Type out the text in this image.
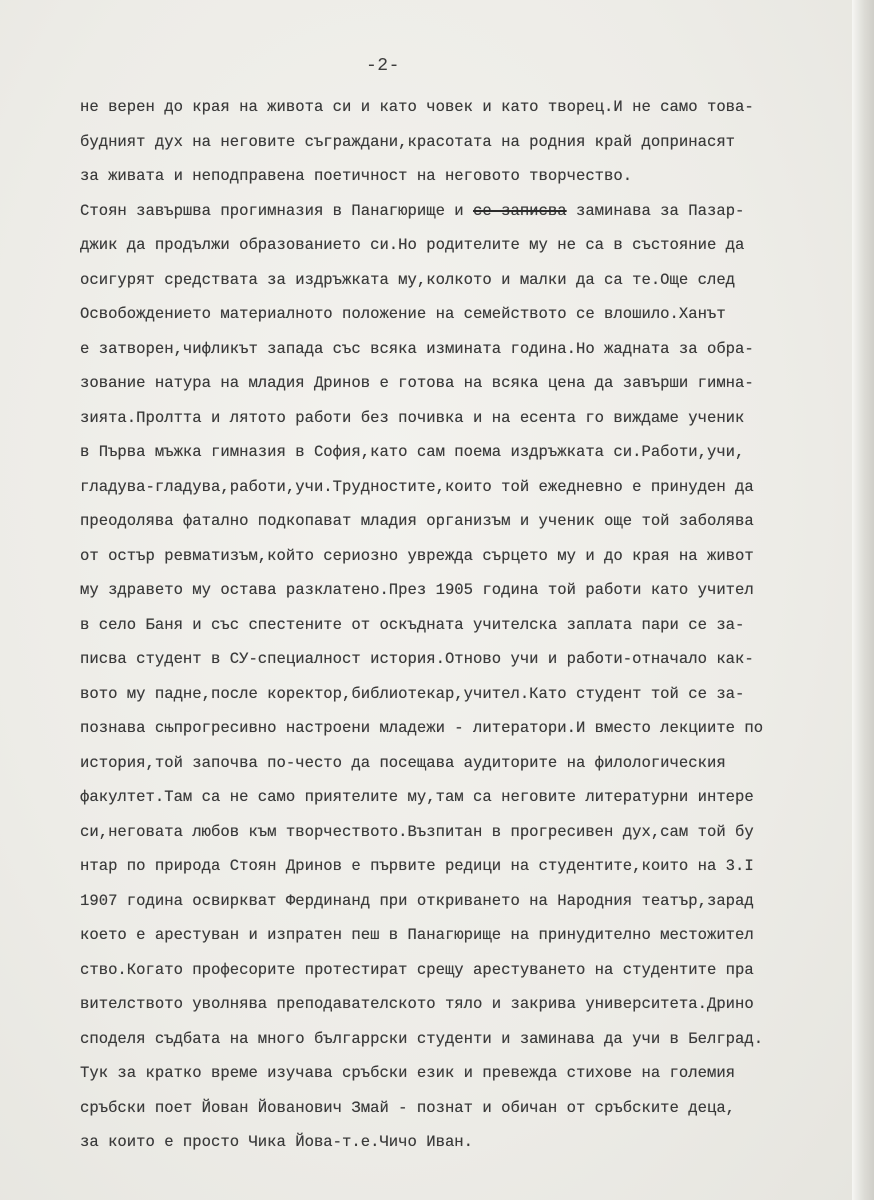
-2-
не верен до края на живота си и като човек и като творец.И не само това-
будният дух на неговите съграждани,красотата на родния край допринасят
за живата и неподправена поетичност на неговото творчество.
Стоян завършва прогимназия в Панагюрище и се записва заминава за Пазар-
джик да продължи образованието си.Но родителите му не са в състояние да
осигурят средствата за издръжката му,колкото и малки да са те.Още след
Освобождението материалното положение на семейството се влошило.Ханът
е затворен,чифликът запада със всяка измината година.Но жадната за обра-
зование натура на младия Дринов е готова на всяка цена да завърши гимна-
зията.Пролтта и лятото работи без почивка и на есента го виждаме ученик
в Първа мъжка гимназия в София,като сам поема издръжката си.Работи,учи,
гладува-гладува,работи,учи.Трудностите,които той ежедневно е принуден да
преодолява фатално подкопават младия организъм и ученик още той заболява
от остър ревматизъм,който сериозно уврежда сърцето му и до края на живот
му здравето му остава разклатено.През 1905 година той работи като учител
в село Баня и със спестените от оскъдната учителска заплата пари се за-
писва студент в СУ-специалност история.Отново учи и работи-отначало как-
вото му падне,после коректор,библиотекар,учител.Като студент той се за-
познава сњпрогресивно настроени младежи - литератори.И вместо лекциите по
история,той започва по-често да посещава аудиторите на филологическия
факултет.Там са не само приятелите му,там са неговите литературни интере
си,неговата любов към творчеството.Възпитан в прогресивен дух,сам той бу
нтар по природа Стоян Дринов е първите редици на студентите,които на 3.I
1907 година освиркват Фердинанд при откриването на Народния театър,зарад
което е арестуван и изпратен пеш в Панагюрище на принудително местожител
ство.Когато професорите протестират срещу арестуването на студентите пра
вителството уволнява преподавателското тяло и закрива университета.Дрино
споделя съдбата на много българрски студенти и заминава да учи в Белград.
Тук за кратко време изучава сръбски език и превежда стихове на големия
сръбски поет Йован Йованович Змай - познат и обичан от сръбските деца,
за които е просто Чика Йова-т.е.Чичо Иван.
